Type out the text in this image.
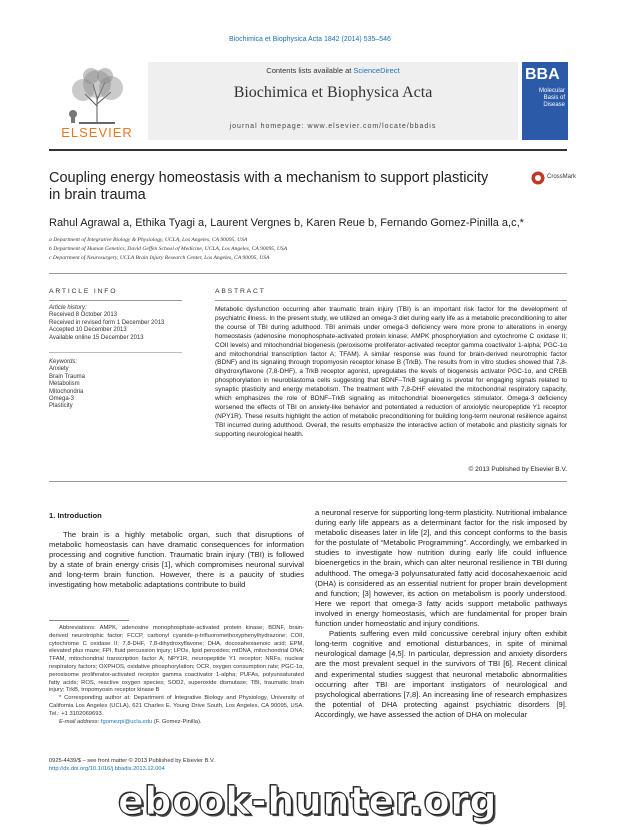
Biochimica et Biophysica Acta 1842 (2014) 535–546
ELSEVIER
Contents lists available at ScienceDirect
Biochimica et Biophysica Acta
journal homepage: www.elsevier.com/locate/bbadis
BBA
Molecular Basis of Disease
Coupling energy homeostasis with a mechanism to support plasticity in brain trauma
CrossMark
Rahul Agrawal a, Ethika Tyagi a, Laurent Vergnes b, Karen Reue b, Fernando Gomez-Pinilla a,c,*
a Department of Integrative Biology & Physiology, UCLA, Los Angeles, CA 90095, USA
b Department of Human Genetics, David Geffen School of Medicine, UCLA, Los Angeles, CA 90095, USA
c Department of Neurosurgery, UCLA Brain Injury Research Center, Los Angeles, CA 90095, USA
ARTICLE INFO	ABSTRACT
Article history:
Received 8 October 2013
Received in revised form 1 December 2013
Accepted 10 December 2013
Available online 15 December 2013
Keywords:
Anxiety
Brain Trauma
Metabolism
Mitochondria
Omega-3
Plasticity
Metabolic dysfunction occurring after traumatic brain injury (TBI) is an important risk factor for the development of psychiatric illness. In the present study, we utilized an omega-3 diet during early life as a metabolic preconditioning to alter the course of TBI during adulthood. TBI animals under omega-3 deficiency were more prone to alterations in energy homeostasis (adenosine monophosphate-activated protein kinase; AMPK phosphorylation and cytochrome C oxidase II; COII levels) and mitochondrial biogenesis (peroxisome proliferator-activated receptor gamma coactivator 1-alpha; PGC-1α and mitochondrial transcription factor A; TFAM). A similar response was found for brain-derived neurotrophic factor (BDNF) and its signaling through tropomyosin receptor kinase B (TrkB). The results from in vitro studies showed that 7,8-dihydroxyflavone (7,8-DHF), a TrkB receptor agonist, upregulates the levels of biogenesis activator PGC-1α, and CREB phosphorylation in neuroblastoma cells suggesting that BDNF–TrkB signaling is pivotal for engaging signals related to synaptic plasticity and energy metabolism. The treatment with 7,8-DHF elevated the mitochondrial respiratory capacity, which emphasizes the role of BDNF–TrkB signaling as mitochondrial bioenergetics stimulator. Omega-3 deficiency worsened the effects of TBI on anxiety-like behavior and potentiated a reduction of anxiolytic neuropeptide Y1 receptor (NPY1R). These results highlight the action of metabolic preconditioning for building long-term neuronal resilience against TBI incurred during adulthood. Overall, the results emphasize the interactive action of metabolic and plasticity signals for supporting neurological health.
© 2013 Published by Elsevier B.V.
1. Introduction

The brain is a highly metabolic organ, such that disruptions of metabolic homeostasis can have dramatic consequences for information processing and cognitive function. Traumatic brain injury (TBI) is followed by a state of brain energy crisis [1], which compromises neuronal survival and long-term brain function. However, there is a paucity of studies investigating how metabolic adaptations contribute to build

a neuronal reserve for supporting long-term plasticity. Nutritional imbalance during early life appears as a determinant factor for the risk imposed by metabolic diseases later in life [2], and this concept conforms to the basis for the postulate of “Metabolic Programming”. Accordingly, we embarked in studies to investigate how nutrition during early life could influence bioenergetics in the brain, which can alter neuronal resilience in TBI during adulthood. The omega-3 polyunsaturated fatty acid docosahexaenoic acid (DHA) is considered as an essential nutrient for proper brain development and function; [3] however, its action on metabolism is poorly understood. Here we report that omega-3 fatty acids support metabolic pathways involved in energy homeostasis, which are fundamental for proper brain function under homeostatic and injury conditions.

Patients suffering even mild concussive cerebral injury often exhibit long-term cognitive and emotional disturbances, in spite of minimal neurological damage [4,5]. In particular, depression and anxiety disorders are the most prevalent sequel in the survivors of TBI [6]. Recent clinical and experimental studies suggest that neuronal metabolic abnormalities occurring after TBI are important instigators of neurological and psychological aberrations [7,8]. An increasing line of research emphasizes the potential of DHA protecting against psychiatric disorders [9]. Accordingly, we have assessed the action of DHA on molecular

Abbreviations: AMPK, adenosine monophosphate-activated protein kinase; BDNF, brain-derived neurotrophic factor; FCCP, carbonyl cyanide-p-trifluoromethoxyphenylhydrazone; COII, cytochrome C oxidase II; 7,8-DHF, 7,8-dihydroxyflavone; DHA, docosahexaenoic acid; EPM, elevated plus maze; FPI, fluid percussion injury; LPOs, lipid peroxides; mtDNA, mitochondrial DNA; TFAM, mitochondrial transcription factor A; NPY1R, neuropeptide Y1 receptor; NRFs, nuclear respiratory factors; OXPHOS, oxidative phosphorylation; OCR, oxygen consumption rate; PGC-1α, peroxisome proliferator-activated receptor gamma coactivator 1-alpha; PUFAs, polyunsaturated fatty acids; ROS, reactive oxygen species; SOD2, superoxide dismutase; TBI, traumatic brain injury; TrkB, tropomyosin receptor kinase B
* Corresponding author at: Department of Integrative Biology and Physiology, University of California Los Angeles (UCLA), 621 Charles E. Young Drive South, Los Angeles, CA 90095, USA. Tel.: +1 3102069693.
E-mail address: fgomezpi@ucla.edu (F. Gomez-Pinilla).
0925-4439/$ – see front matter © 2013 Published by Elsevier B.V.
http://dx.doi.org/10.1016/j.bbadis.2013.12.004
ebook-hunter.org
